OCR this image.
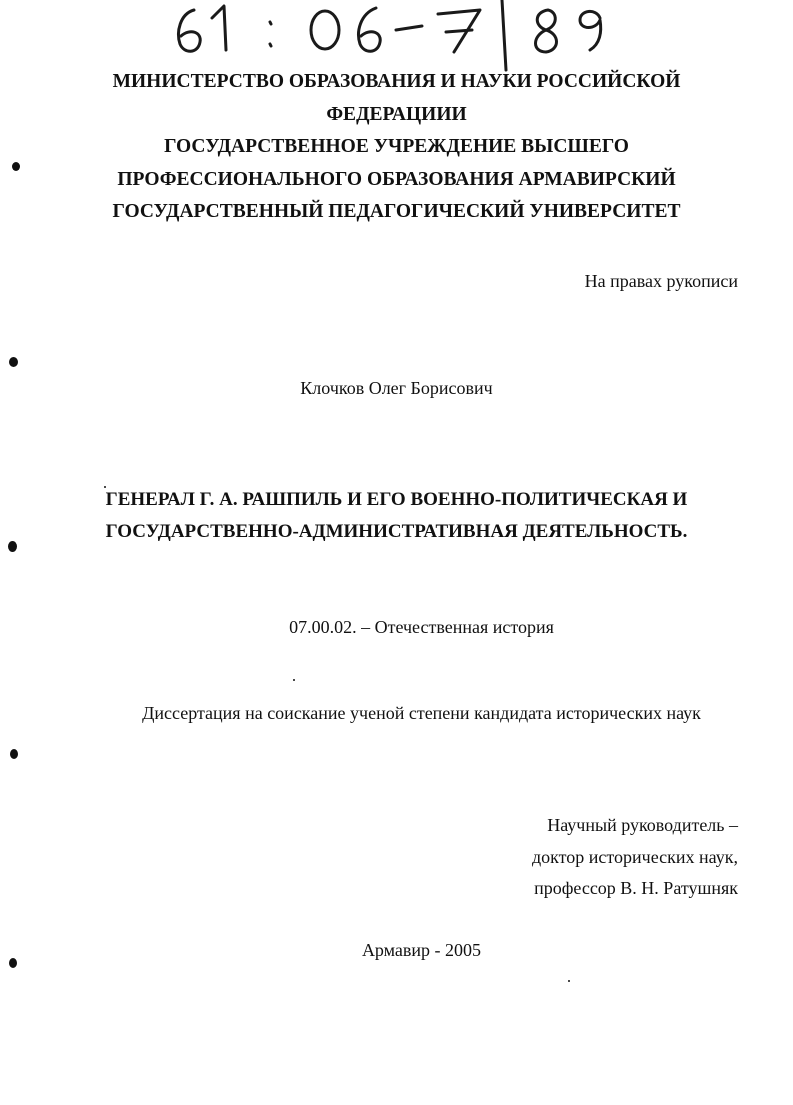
МИНИСТЕРСТВО ОБРАЗОВАНИЯ И НАУКИ РОССИЙСКОЙ
ФЕДЕРАЦИИИ
ГОСУДАРСТВЕННОЕ УЧРЕЖДЕНИЕ ВЫСШЕГО
ПРОФЕССИОНАЛЬНОГО ОБРАЗОВАНИЯ АРМАВИРСКИЙ
ГОСУДАРСТВЕННЫЙ ПЕДАГОГИЧЕСКИЙ УНИВЕРСИТЕТ
На правах рукописи
Клочков Олег Борисович
ГЕНЕРАЛ Г. А. РАШПИЛЬ И ЕГО ВОЕННО-ПОЛИТИЧЕСКАЯ И
ГОСУДАРСТВЕННО-АДМИНИСТРАТИВНАЯ ДЕЯТЕЛЬНОСТЬ.
07.00.02. – Отечественная история
Диссертация на соискание ученой степени кандидата исторических наук
Научный руководитель –
доктор исторических наук,
профессор В. Н. Ратушняк
Армавир - 2005
